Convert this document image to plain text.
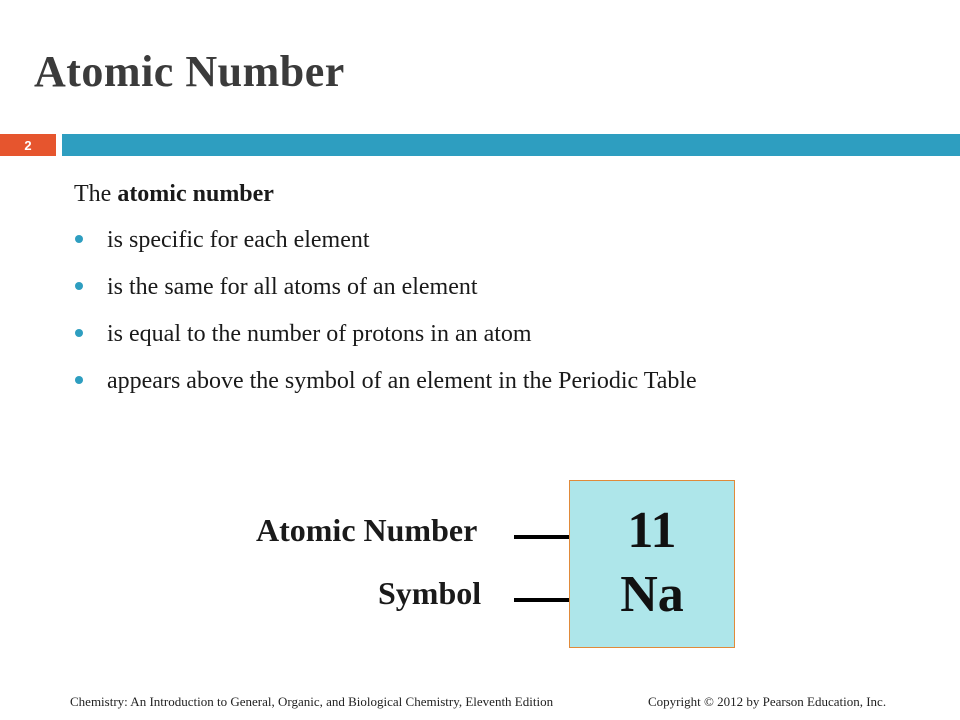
Atomic Number
2
The atomic number
is specific for each element
is the same for all atoms of an element
is equal to the number of protons in an atom
appears above the symbol of an element in the Periodic Table
Atomic Number
Symbol
11
Na
Chemistry: An Introduction to General, Organic, and Biological Chemistry, Eleventh Edition	Copyright © 2012 by Pearson Education, Inc.
